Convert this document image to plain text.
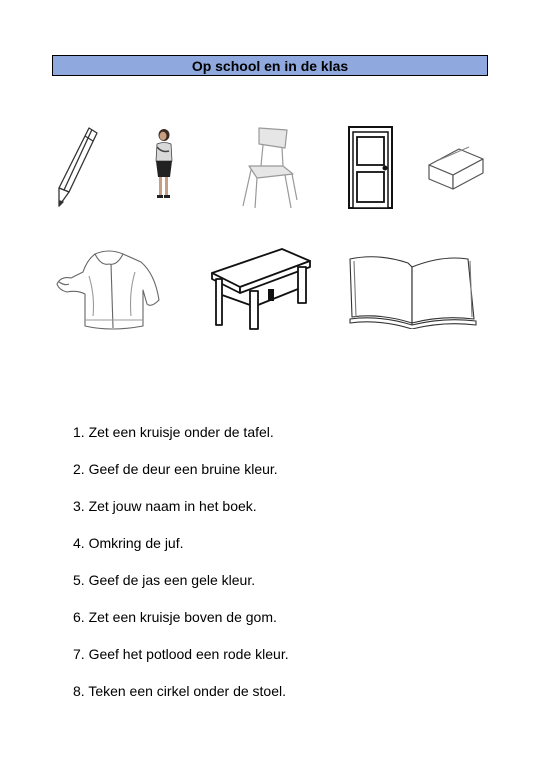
Op school en in de klas
1. Zet een kruisje onder de tafel.
2. Geef de deur een bruine kleur.
3. Zet jouw naam in het boek.
4. Omkring de juf.
5. Geef de jas een gele kleur.
6. Zet een kruisje boven de gom.
7. Geef het potlood een rode kleur.
8. Teken een cirkel onder de stoel.
